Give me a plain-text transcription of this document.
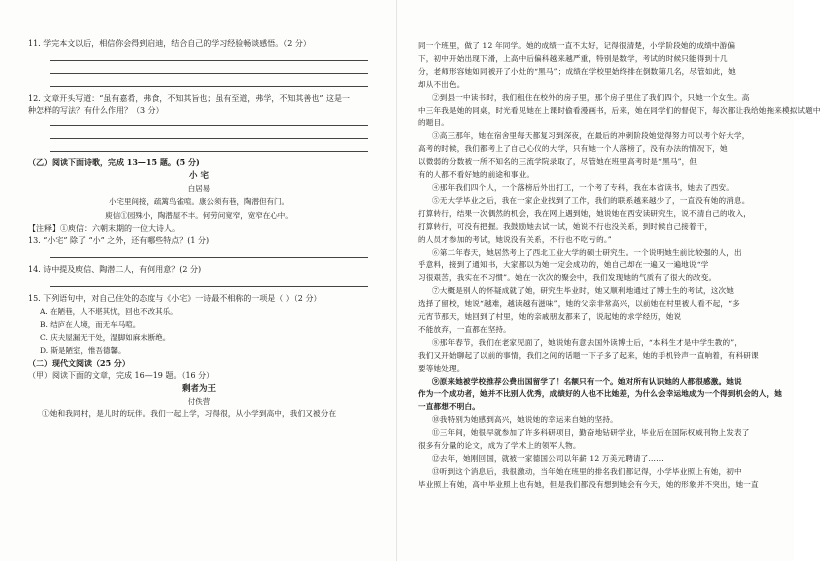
11. 学完本文以后，相信你会得到启迪，结合自己的学习经验畅谈感悟。（2 分）

12. 文章开头写道：“虽有嘉肴，弗食，不知其旨也；虽有至道，弗学，不知其善也” 这是一

种怎样的写法？有什么作用？（3 分）

（乙）阅读下面诗歌，完成 13—15 题。(5 分)

小 宅

白居易

小宅里间接，疏篱鸟雀喧。康公须有巷，陶潜但有门。

庾信①园殊小，陶潜屋不丰。何劳问宽窄，宽窄在心中。

【注释】①庾信：六朝末期的一位大诗人。

13. “小宅” 除了 “小” 之外，还有哪些特点？(1 分)

14. 诗中提及庾信、陶潜二人，有何用意？(2 分)

15. 下列语句中，对自己住处的态度与《小宅》一诗最不相称的一项是（ ）（2 分）

A. 在陋巷，人不堪其忧，回也不改其乐。

B. 结庐在人境，而无车马喧。

C. 庆夫屋漏无干处，湿脚如麻未断绝。

D. 斯是陋室，惟吾德馨。

（二）现代文阅读（25 分）

（甲）阅读下面的文章，完成 16—19 题。（16 分）

剩者为王

付佚营

①她和我同村，是儿时的玩伴。我们一起上学，习得很，从小学到高中，我们又被分在

同一个班里，做了 12 年同学。她的成绩一直不太好，记得很清楚，小学阶段她的成绩中游偏

下，初中开始出现下滑，上高中后偏科越来越严重，特别是数学，考试的时候只能得到十几

分，老师形容她如同被开了小灶的“黑马”；成绩在学校里始终排在倒数第几名，尽管如此，她

却从不出色。

②到县一中读书时，我们租住在校外的房子里，那个房子里住了我们四个，只她一个女生。高

中三年我是她的同桌，时光看见她在上课时偷看漫画书，后来，她在同学们的督促下，每次都让我给她拖来模拟试题中

的题目。

③高三那年，她在宿舍里每天都复习到深夜，在最后的冲刺阶段她觉得努力可以考个好大学，

高考的时候，我们都考上了自己心仪的大学，只有她一个人落榜了，没有办法的情况下，她

以微弱的分数被一所不知名的三流学院录取了，尽管她在班里高考时是“黑马”，但

有的人都不看好她的前途和事业。

④那年我们四个人，一个落榜后外出打工，一个考了专科，我在本省读书，她去了西安。

⑤无大学毕业之后，我在一家企业找到了工作，我们的联系越来越少了，一直没有她的消息。

打算转行，结果一次偶然的机会，我在网上遇到她，她说她在西安读研究生，说不清自己的收入，

打算转行，可没有把握。我鼓励她去试一试，她说不行也没关系，到时候自己接着干，

的人员才参加的考试，她说没有关系，不行也不吃亏的。”

⑥第二年春天，她居然考上了西北工业大学的硕士研究生。一个说明她生前比较强的人，出

乎意料，接到了通知书，大家都以为她一定会成功的，她自己却在一遍又一遍地说“学

习很艰苦，我实在不习惯”。她在一次次的聚会中，我们发现她的气质有了很大的改变。

⑦大概是别人的怀疑成就了她，研究生毕业时，她又顺利地通过了博士生的考试，这次她

选择了留校，她说“越难，越读越有滋味”，她的父亲非常高兴，以前她在村里被人看不起，“多

元宵节那天，她回到了村里，她的亲戚朋友都来了，说起她的求学经历，她说

不能放弃，一直都在坚持。

⑧那年春节，我们在老家见面了，她说她有意去国外读博士后，“本科生才是中学生教的”，

我们又开始聊起了以前的事情，我们之间的话题一下子多了起来，她的手机铃声一直响着，有科研课

要等她处理。

⑨原来她被学校推荐公费出国留学了！名额只有一个。她对所有认识她的人都很感激。她说

作为一个成功者，她并不比别人优秀，成绩好的人也不比她差，为什么会幸运地成为一个得到机会的人，她

一直都想不明白。

⑩我特别为她感到高兴，她说她的幸运来自她的坚持。

⑪三年间，她很早就参加了许多科研项目，勤奋地钻研学业，毕业后在国际权威刊物上发表了

很多有分量的论文，成为了学术上的领军人物。

⑫去年，她刚回国，就被一家德国公司以年薪 12 万美元聘请了……

⑬听到这个消息后，我很激动，当年她在班里的排名我们都记得，小学毕业照上有她，初中

毕业照上有她，高中毕业照上也有她，但是我们都没有想到她会有今天，她的形象并不突出，她一直
